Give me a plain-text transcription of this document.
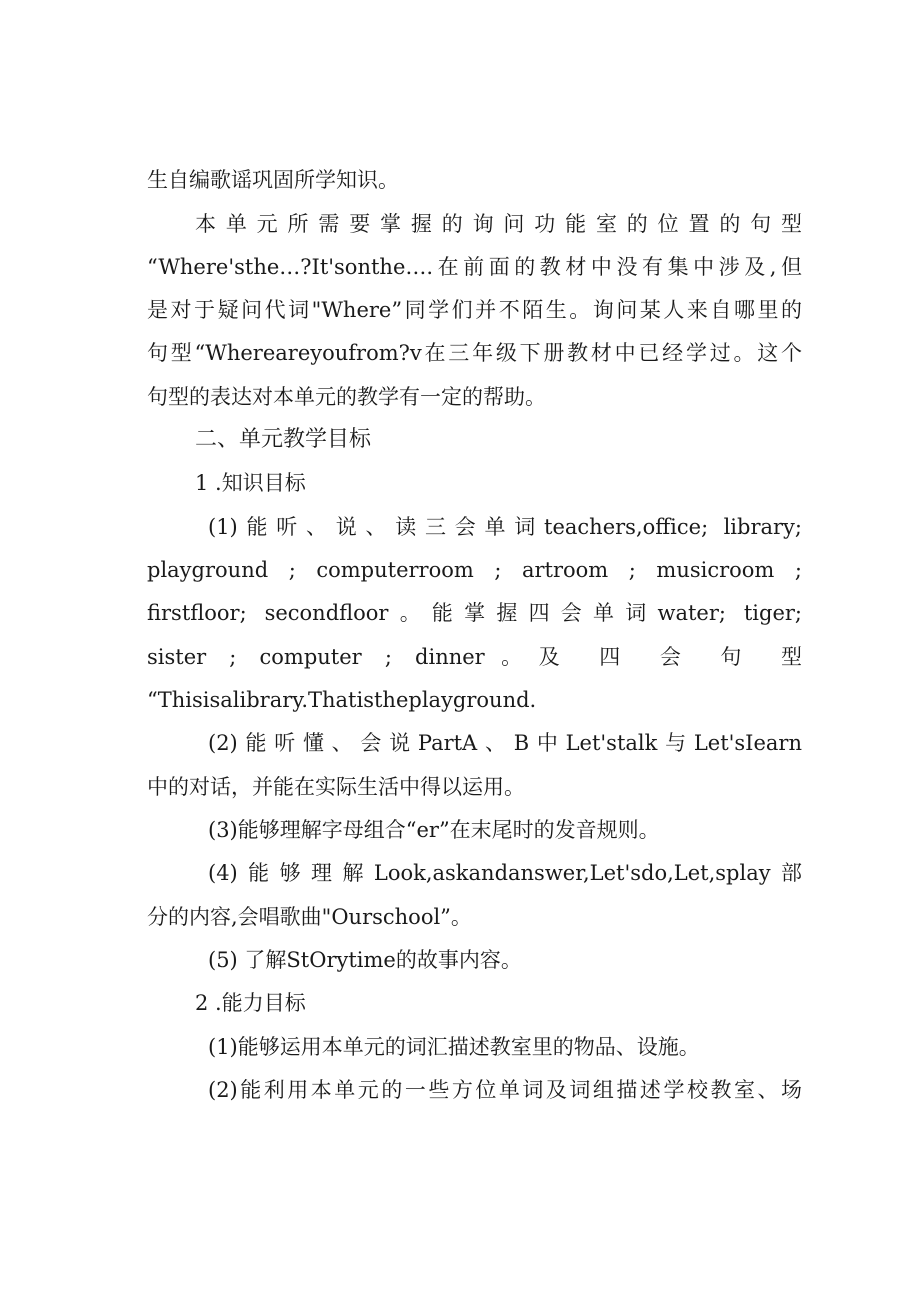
生自编歌谣巩固所学知识。
本单元所需要掌握的询问功能室的位置的句型
“Where'sthe…?It'sonthe….在前面的教材中没有集中涉及,但
是对于疑问代词"Where”同学们并不陌生。询问某人来自哪里的
句型“Whereareyoufrom?v在三年级下册教材中已经学过。这个
句型的表达对本单元的教学有一定的帮助。
二、单元教学目标
1 .知识目标
(1)能听、说、读三会单词teachers,office; library;
playground ; computerroom ; artroom ; musicroom ;
firstfloor; secondfloor。能掌握四会单词water; tiger;
sister ; computer ; dinner。及 四 会 句 型
“Thisisalibrary.Thatistheplayground.
(2)能听懂、会说PartA、B中Let'stalk与Let'sIearn
中的对话，并能在实际生活中得以运用。
(3)能够理解字母组合“er”在末尾时的发音规则。
(4)能够理解Look,askandanswer,Let'sdo,Let,splay部
分的内容,会唱歌曲"Ourschool”。
(5) 了解StOrytime的故事内容。
2 .能力目标
(1)能够运用本单元的词汇描述教室里的物品、设施。
(2)能利用本单元的一些方位单词及词组描述学校教室、场
